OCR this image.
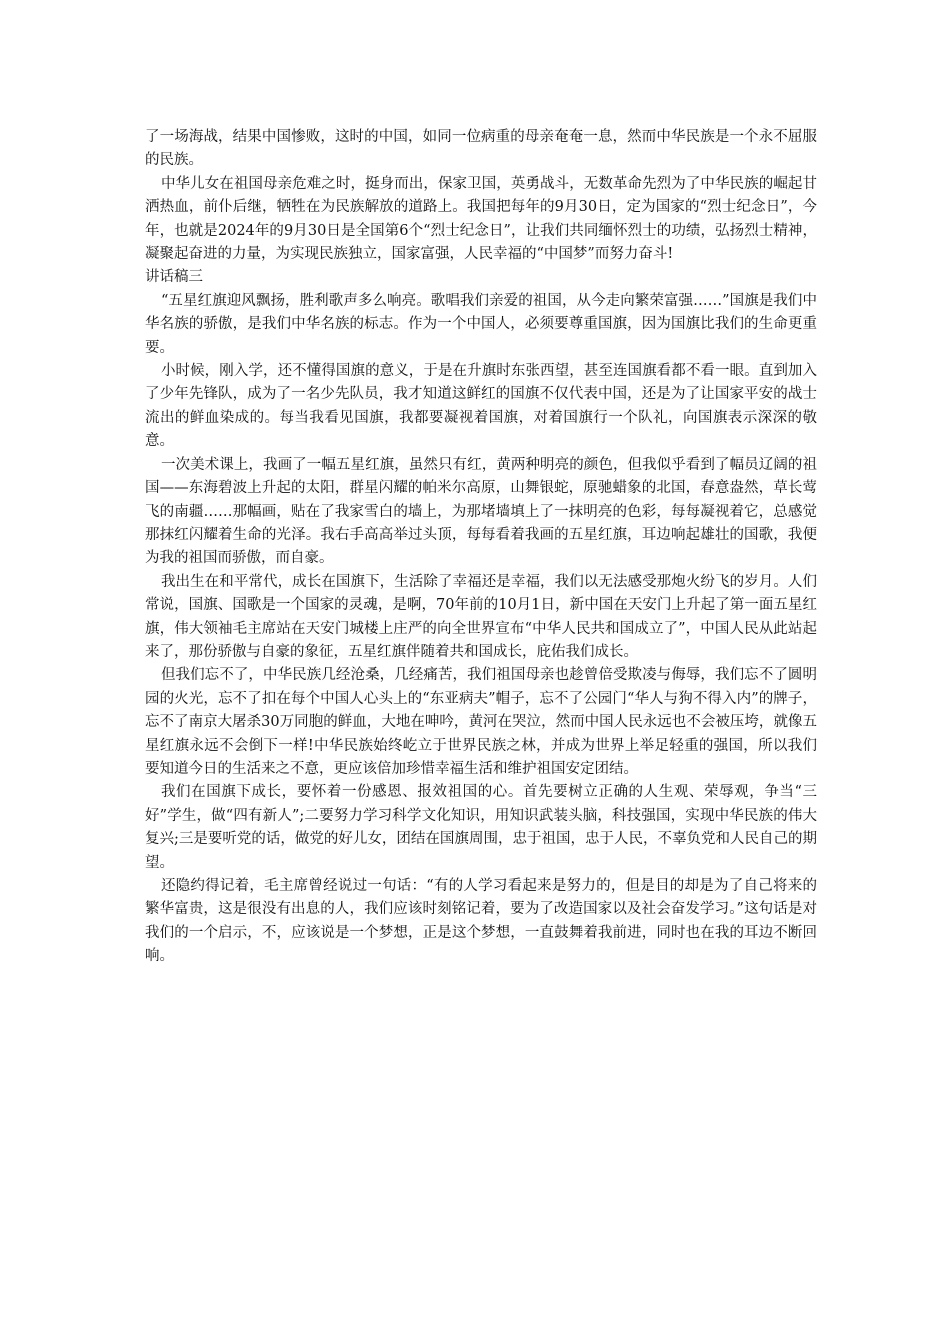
了一场海战，结果中国惨败，这时的中国，如同一位病重的母亲奄奄一息，然而中华民族是一个永不屈服的民族。

中华儿女在祖国母亲危难之时，挺身而出，保家卫国，英勇战斗，无数革命先烈为了中华民族的崛起甘洒热血，前仆后继，牺牲在为民族解放的道路上。我国把每年的9月30日，定为国家的“烈士纪念日”，今年，也就是2024年的9月30日是全国第6个“烈士纪念日”，让我们共同缅怀烈士的功绩，弘扬烈士精神，凝聚起奋进的力量，为实现民族独立，国家富强，人民幸福的“中国梦”而努力奋斗!

讲话稿三

“五星红旗迎风飘扬，胜利歌声多么响亮。歌唱我们亲爱的祖国，从今走向繁荣富强……”国旗是我们中华名族的骄傲，是我们中华名族的标志。作为一个中国人，必须要尊重国旗，因为国旗比我们的生命更重要。

小时候，刚入学，还不懂得国旗的意义，于是在升旗时东张西望，甚至连国旗看都不看一眼。直到加入了少年先锋队，成为了一名少先队员，我才知道这鲜红的国旗不仅代表中国，还是为了让国家平安的战士流出的鲜血染成的。每当我看见国旗，我都要凝视着国旗，对着国旗行一个队礼，向国旗表示深深的敬意。

一次美术课上，我画了一幅五星红旗，虽然只有红，黄两种明亮的颜色，但我似乎看到了幅员辽阔的祖国——东海碧波上升起的太阳，群星闪耀的帕米尔高原，山舞银蛇，原驰蜡象的北国，春意盎然，草长莺飞的南疆……那幅画，贴在了我家雪白的墙上，为那堵墙填上了一抹明亮的色彩，每每凝视着它，总感觉那抹红闪耀着生命的光泽。我右手高高举过头顶，每每看着我画的五星红旗，耳边响起雄壮的国歌，我便为我的祖国而骄傲，而自豪。

我出生在和平常代，成长在国旗下，生活除了幸福还是幸福，我们以无法感受那炮火纷飞的岁月。人们常说，国旗、国歌是一个国家的灵魂，是啊，70年前的10月1日，新中国在天安门上升起了第一面五星红旗，伟大领袖毛主席站在天安门城楼上庄严的向全世界宣布“中华人民共和国成立了”，中国人民从此站起来了，那份骄傲与自豪的象征，五星红旗伴随着共和国成长，庇佑我们成长。

但我们忘不了，中华民族几经沧桑，几经痛苦，我们祖国母亲也趁曾倍受欺凌与侮辱，我们忘不了圆明园的火光，忘不了扣在每个中国人心头上的“东亚病夫”帽子，忘不了公园门“华人与狗不得入内”的牌子，忘不了南京大屠杀30万同胞的鲜血，大地在呻吟，黄河在哭泣，然而中国人民永远也不会被压垮，就像五星红旗永远不会倒下一样!中华民族始终屹立于世界民族之林，并成为世界上举足轻重的强国，所以我们要知道今日的生活来之不意，更应该倍加珍惜幸福生活和维护祖国安定团结。

我们在国旗下成长，要怀着一份感恩、报效祖国的心。首先要树立正确的人生观、荣辱观，争当“三好”学生，做“四有新人”;二要努力学习科学文化知识，用知识武装头脑，科技强国，实现中华民族的伟大复兴;三是要听党的话，做党的好儿女，团结在国旗周围，忠于祖国，忠于人民，不辜负党和人民自己的期望。

还隐约得记着，毛主席曾经说过一句话：“有的人学习看起来是努力的，但是目的却是为了自己将来的繁华富贵，这是很没有出息的人，我们应该时刻铭记着，要为了改造国家以及社会奋发学习。”这句话是对我们的一个启示，不，应该说是一个梦想，正是这个梦想，一直鼓舞着我前进，同时也在我的耳边不断回响。
